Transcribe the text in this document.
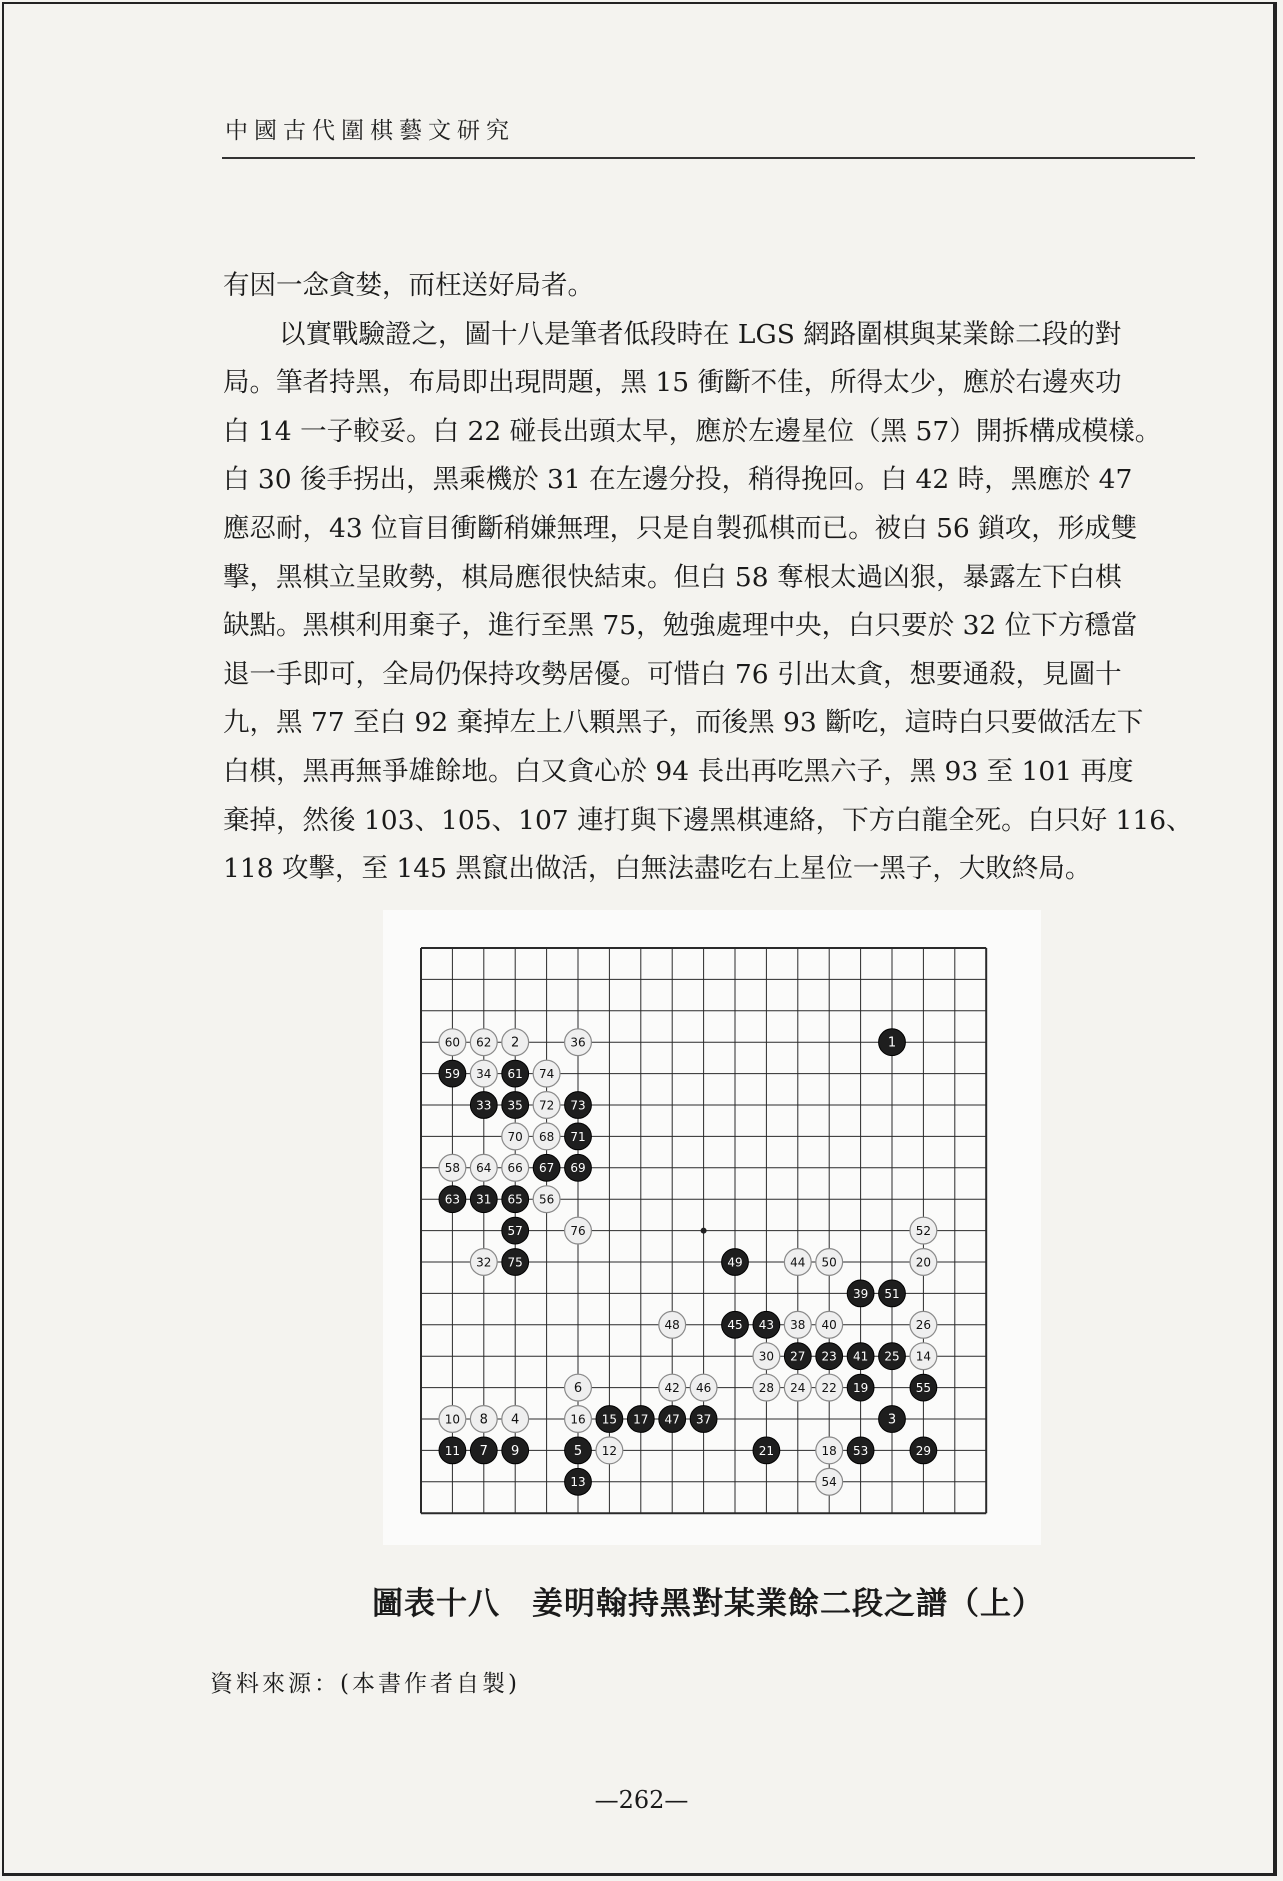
中國古代圍棋藝文研究

有因一念貪婪，而枉送好局者。

以實戰驗證之，圖十八是筆者低段時在 LGS 網路圍棋與某業餘二段的對

局。筆者持黑，布局即出現問題，黑 15 衝斷不佳，所得太少，應於右邊夾功

白 14 一子較妥。白 22 碰長出頭太早，應於左邊星位（黑 57）開拆構成模樣。

白 30 後手拐出，黑乘機於 31 在左邊分投，稍得挽回。白 42 時，黑應於 47

應忍耐，43 位盲目衝斷稍嫌無理，只是自製孤棋而已。被白 56 鎖攻，形成雙

擊，黑棋立呈敗勢，棋局應很快結束。但白 58 奪根太過凶狠，暴露左下白棋

缺點。黑棋利用棄子，進行至黑 75，勉強處理中央，白只要於 32 位下方穩當

退一手即可，全局仍保持攻勢居優。可惜白 76 引出太貪，想要通殺，見圖十

九，黑 77 至白 92 棄掉左上八顆黑子，而後黑 93 斷吃，這時白只要做活左下

白棋，黑再無爭雄餘地。白又貪心於 94 長出再吃黑六子，黑 93 至 101 再度

棄掉，然後 103、105、107 連打與下邊黑棋連絡，下方白龍全死。白只好 116、

118 攻擊，至 145 黑竄出做活，白無法盡吃右上星位一黑子，大敗終局。

1
2
3
4
5
6
7
8
9
10
11	12
13
14
15
16	17
18
19
20
21
22
23
24
25
26
27
28
29
30
31
32
33
34
35
36
37
38
39
40
41
42
43
44
45
46
47
48
49	50
51
52
53
54
55
56
57
58
59
60
61
62
63
64
65
66 67
68
69
70	71
72 73
74
75
76
圖表十八　姜明翰持黑對某業餘二段之譜（上）
資料來源：(本書作者自製)
—262—
